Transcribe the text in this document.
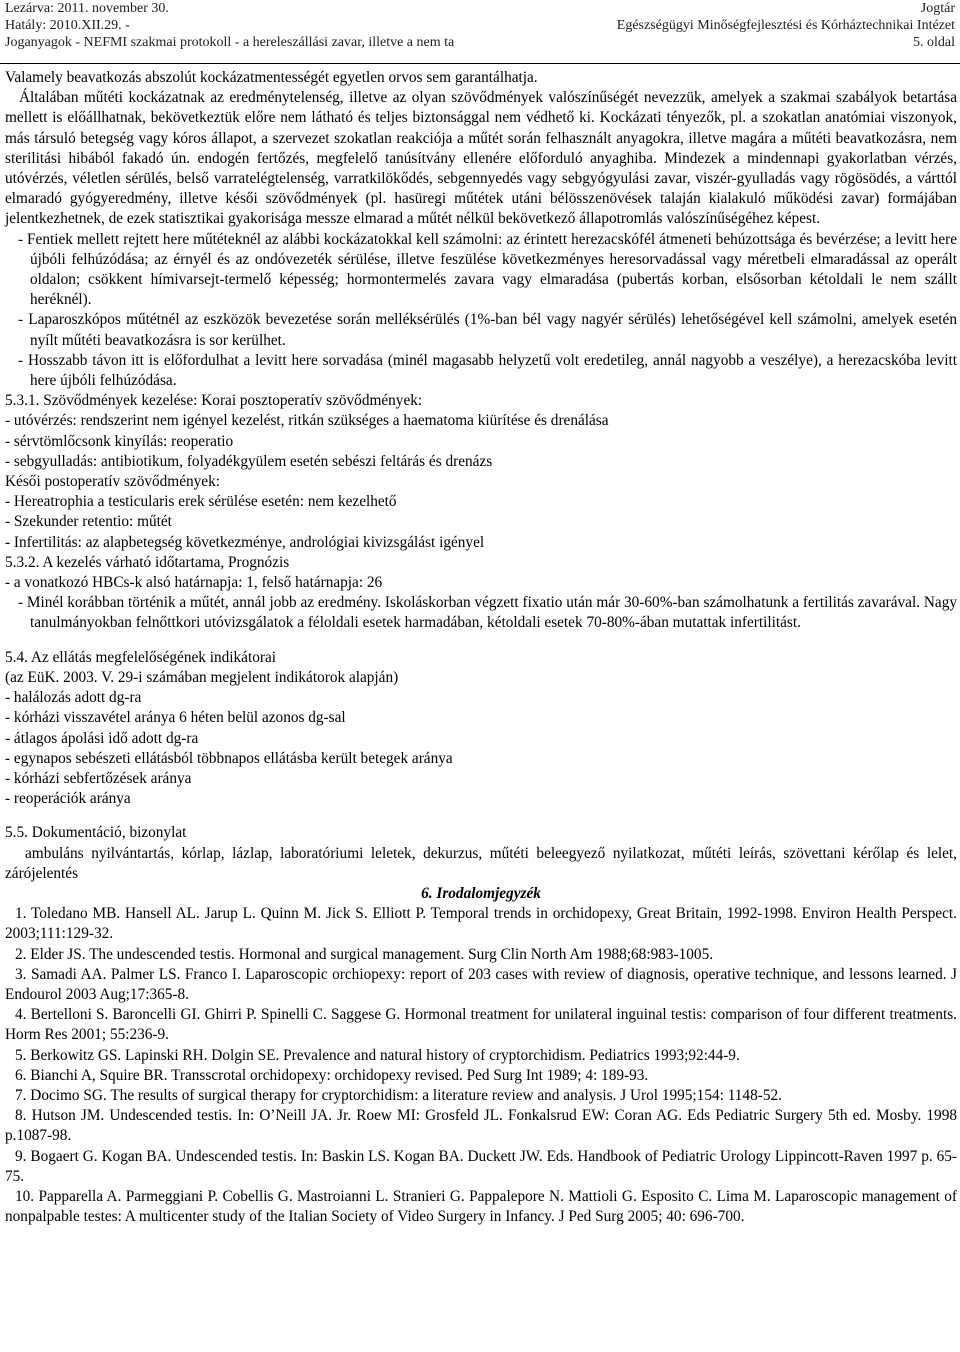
Lezárva: 2011. november 30.
Hatály: 2010.XII.29. -
Joganyagok - NEFMI szakmai protokoll - a hereleszállási zavar, illetve a nem ta
Jogtár
Egészségügyi Minőségfejlesztési és Kórháztechnikai Intézet
5. oldal

Valamely beavatkozás abszolút kockázatmentességét egyetlen orvos sem garantálhatja.

Általában műtéti kockázatnak az eredménytelenség, illetve az olyan szövődmények valószínűségét nevezzük, amelyek a szakmai szabályok betartása mellett is előállhatnak, bekövetkeztük előre nem látható és teljes biztonsággal nem védhető ki. Kockázati tényezők, pl. a szokatlan anatómiai viszonyok, más társuló betegség vagy kóros állapot, a szervezet szokatlan reakciója a műtét során felhasznált anyagokra, illetve magára a műtéti beavatkozásra, nem sterilitási hibából fakadó ún. endogén fertőzés, megfelelő tanúsítvány ellenére előforduló anyaghiba. Mindezek a mindennapi gyakorlatban vérzés, utóvérzés, véletlen sérülés, belső varratelégtelenség, varratkilökődés, sebgennyedés vagy sebgyógyulási zavar, viszér-gyulladás vagy rögösödés, a várttól elmaradó gyógyeredmény, illetve késői szövődmények (pl. hasüregi műtétek utáni bélösszenövések talaján kialakuló működési zavar) formájában jelentkezhetnek, de ezek statisztikai gyakorisága messze elmarad a műtét nélkül bekövetkező állapotromlás valószínűségéhez képest.

- Fentiek mellett rejtett here műtéteknél az alábbi kockázatokkal kell számolni: az érintett herezacskófél átmeneti behúzottsága és bevérzése; a levitt here újbóli felhúzódása; az érnyél és az ondóvezeték sérülése, illetve feszülése következményes heresorvadással vagy méretbeli elmaradással az operált oldalon; csökkent hímivarsejt-termelő képesség; hormontermelés zavara vagy elmaradása (pubertás korban, elsősorban kétoldali le nem szállt heréknél).

- Laparoszkópos műtétnél az eszközök bevezetése során melléksérülés (1%-ban bél vagy nagyér sérülés) lehetőségével kell számolni, amelyek esetén nyílt műtéti beavatkozásra is sor kerülhet.

- Hosszabb távon itt is előfordulhat a levitt here sorvadása (minél magasabb helyzetű volt eredetileg, annál nagyobb a veszélye), a herezacskóba levitt here újbóli felhúzódása.

5.3.1. Szövődmények kezelése: Korai posztoperatív szövődmények:

- utóvérzés: rendszerint nem igényel kezelést, ritkán szükséges a haematoma kiürítése és drenálása

- sérvtömlőcsonk kinyílás: reoperatio

- sebgyulladás: antibiotikum, folyadékgyülem esetén sebészi feltárás és drenázs

Késői postoperatív szövődmények:

- Hereatrophia a testicularis erek sérülése esetén: nem kezelhető

- Szekunder retentio: műtét

- Infertilitás: az alapbetegség következménye, andrológiai kivizsgálást igényel

5.3.2. A kezelés várható időtartama, Prognózis

- a vonatkozó HBCs-k alsó határnapja: 1, felső határnapja: 26

- Minél korábban történik a műtét, annál jobb az eredmény. Iskoláskorban végzett fixatio után már 30-60%-ban számolhatunk a fertilitás zavarával. Nagy tanulmányokban felnőttkori utóvizsgálatok a féloldali esetek harmadában, kétoldali esetek 70-80%-ában mutattak infertilitást.

5.4. Az ellátás megfelelőségének indikátorai

(az EüK. 2003. V. 29-i számában megjelent indikátorok alapján)

- halálozás adott dg-ra

- kórházi visszavétel aránya 6 héten belül azonos dg-sal

- átlagos ápolási idő adott dg-ra

- egynapos sebészeti ellátásból többnapos ellátásba került betegek aránya

- kórházi sebfertőzések aránya

- reoperációk aránya

5.5. Dokumentáció, bizonylat

ambuláns nyilvántartás, kórlap, lázlap, laboratóriumi leletek, dekurzus, műtéti beleegyező nyilatkozat, műtéti leírás, szövettani kérőlap és lelet, zárójelentés

6. Irodalomjegyzék

1. Toledano MB. Hansell AL. Jarup L. Quinn M. Jick S. Elliott P. Temporal trends in orchidopexy, Great Britain, 1992-1998. Environ Health Perspect. 2003;111:129-32.

2. Elder JS. The undescended testis. Hormonal and surgical management. Surg Clin North Am 1988;68:983-1005.

3. Samadi AA. Palmer LS. Franco I. Laparoscopic orchiopexy: report of 203 cases with review of diagnosis, operative technique, and lessons learned. J Endourol 2003 Aug;17:365-8.

4. Bertelloni S. Baroncelli GI. Ghirri P. Spinelli C. Saggese G. Hormonal treatment for unilateral inguinal testis: comparison of four different treatments. Horm Res 2001; 55:236-9.

5. Berkowitz GS. Lapinski RH. Dolgin SE. Prevalence and natural history of cryptorchidism. Pediatrics 1993;92:44-9.

6. Bianchi A, Squire BR. Transscrotal orchidopexy: orchidopexy revised. Ped Surg Int 1989; 4: 189-93.

7. Docimo SG. The results of surgical therapy for cryptorchidism: a literature review and analysis. J Urol 1995;154: 1148-52.

8. Hutson JM. Undescended testis. In: O’Neill JA. Jr. Roew MI: Grosfeld JL. Fonkalsrud EW: Coran AG. Eds Pediatric Surgery 5th ed. Mosby. 1998 p.1087-98.

9. Bogaert G. Kogan BA. Undescended testis. In: Baskin LS. Kogan BA. Duckett JW. Eds. Handbook of Pediatric Urology Lippincott-Raven 1997 p. 65-75.

10. Papparella A. Parmeggiani P. Cobellis G. Mastroianni L. Stranieri G. Pappalepore N. Mattioli G. Esposito C. Lima M. Laparoscopic management of nonpalpable testes: A multicenter study of the Italian Society of Video Surgery in Infancy. J Ped Surg 2005; 40: 696-700.
